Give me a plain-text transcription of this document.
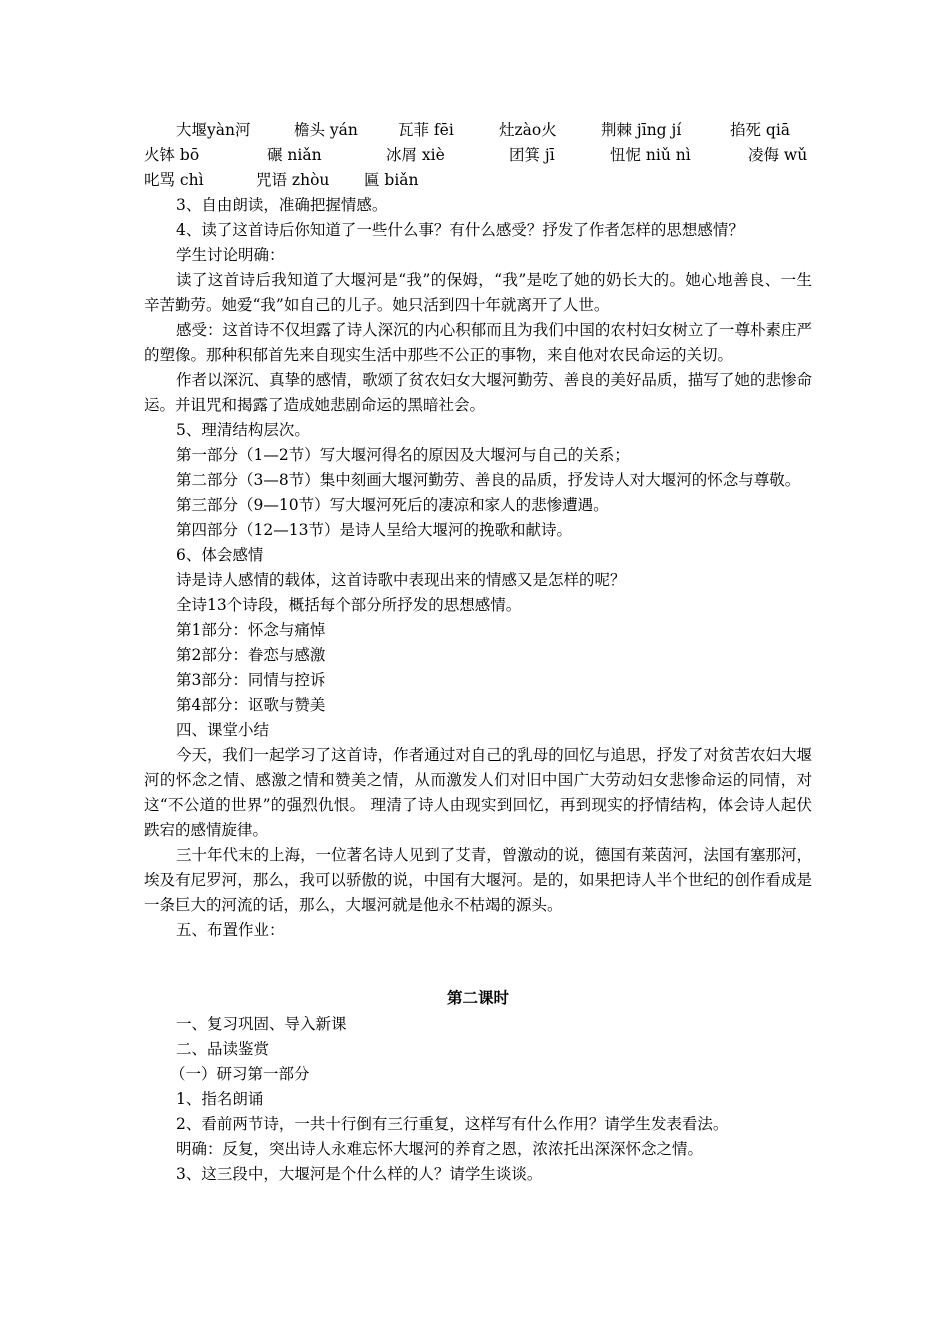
大堰yàn河	檐头 yán	瓦菲 fēi	灶zào火	荆棘 jīng jí	掐死 qiā
火钵 bō	碾 niǎn	冰屑 xiè	团箕 jī	忸怩 niǔ nì	凌侮 wǔ
叱骂 chì	咒语 zhòu 匾 biǎn

3、自由朗读，准确把握情感。

4、读了这首诗后你知道了一些什么事？有什么感受？抒发了作者怎样的思想感情？

学生讨论明确：

读了这首诗后我知道了大堰河是“我”的保姆，“我”是吃了她的奶长大的。她心地善良、一生辛苦勤劳。她爱“我”如自己的儿子。她只活到四十年就离开了人世。

感受：这首诗不仅坦露了诗人深沉的内心积郁而且为我们中国的农村妇女树立了一尊朴素庄严的塑像。那种积郁首先来自现实生活中那些不公正的事物，来自他对农民命运的关切。

作者以深沉、真挚的感情，歌颂了贫农妇女大堰河勤劳、善良的美好品质，描写了她的悲惨命运。并诅咒和揭露了造成她悲剧命运的黑暗社会。

5、理清结构层次。

第一部分（1—2节）写大堰河得名的原因及大堰河与自己的关系；

第二部分（3—8节）集中刻画大堰河勤劳、善良的品质，抒发诗人对大堰河的怀念与尊敬。

第三部分（9—10节）写大堰河死后的凄凉和家人的悲惨遭遇。

第四部分（12—13节）是诗人呈给大堰河的挽歌和献诗。

6、体会感情

诗是诗人感情的载体，这首诗歌中表现出来的情感又是怎样的呢？

全诗13个诗段，概括每个部分所抒发的思想感情。

第1部分：怀念与痛悼

第2部分：眷恋与感激

第3部分：同情与控诉

第4部分：讴歌与赞美

四、课堂小结

今天，我们一起学习了这首诗，作者通过对自己的乳母的回忆与追思，抒发了对贫苦农妇大堰河的怀念之情、感激之情和赞美之情，从而激发人们对旧中国广大劳动妇女悲惨命运的同情，对这“不公道的世界”的强烈仇恨。 理清了诗人由现实到回忆，再到现实的抒情结构，体会诗人起伏跌宕的感情旋律。

三十年代末的上海，一位著名诗人见到了艾青，曾激动的说，德国有莱茵河，法国有塞那河，埃及有尼罗河，那么，我可以骄傲的说，中国有大堰河。是的，如果把诗人半个世纪的创作看成是一条巨大的河流的话，那么，大堰河就是他永不枯竭的源头。

五、布置作业：

第二课时

一、复习巩固、导入新课

二、品读鉴赏

（一）研习第一部分

1、指名朗诵

2、看前两节诗，一共十行倒有三行重复，这样写有什么作用？请学生发表看法。

明确：反复，突出诗人永难忘怀大堰河的养育之恩，浓浓托出深深怀念之情。

3、这三段中，大堰河是个什么样的人？请学生谈谈。
